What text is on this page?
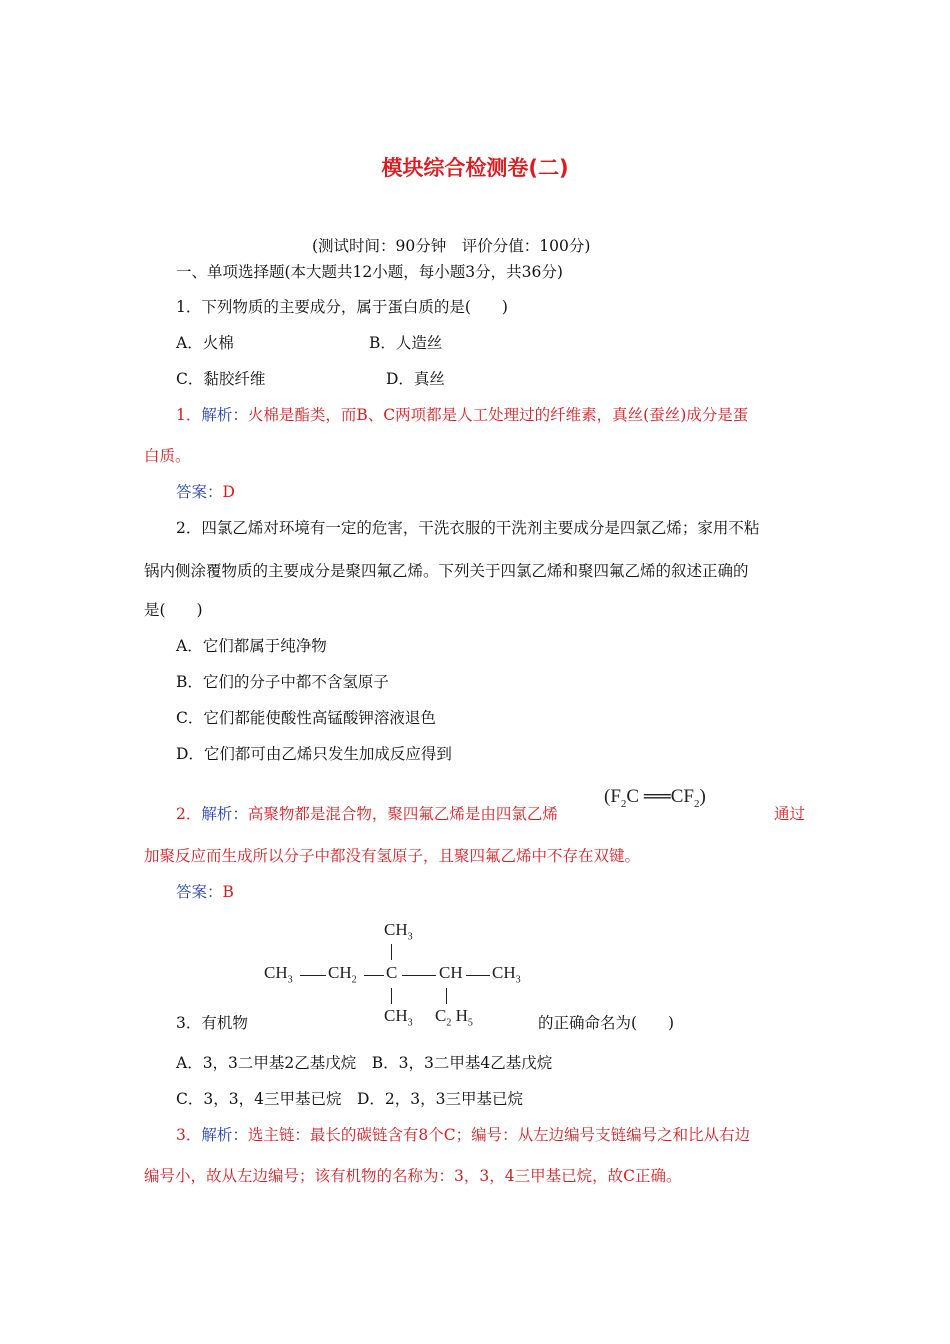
模块综合检测卷(二)
(测试时间：90分钟　评价分值：100分)
一、单项选择题(本大题共12小题，每小题3分，共36分)
1．下列物质的主要成分，属于蛋白质的是(　　)
A．火棉	B．人造丝
C．黏胶纤维	D．真丝
1．解析：火棉是酯类，而B、C两项都是人工处理过的纤维素，真丝(蚕丝)成分是蛋
白质。
答案：D
2．四氯乙烯对环境有一定的危害，干洗衣服的干洗剂主要成分是四氯乙烯；家用不粘
锅内侧涂覆物质的主要成分是聚四氟乙烯。下列关于四氯乙烯和聚四氟乙烯的叙述正确的
是(　　)
A．它们都属于纯净物
B．它们的分子中都不含氢原子
C．它们都能使酸性高锰酸钾溶液退色
D．它们都可由乙烯只发生加成反应得到
2．解析：高聚物都是混合物，聚四氟乙烯是由四氯乙烯
($F_2C$ $══CF_2$)
通过
加聚反应而生成所以分子中都没有氢原子，且聚四氟乙烯中不存在双键。
答案：B
$CH_3$
$CH_3$ $CH_2$ C CH $CH_3$
$CH_3$ $C_2$ $H_5$
3．有机物	的正确命名为(　　)
A．3，3二甲基2乙基戊烷　B．3，3二甲基4乙基戊烷
C．3，3，4三甲基已烷　D．2，3，3三甲基已烷
3．解析：选主链：最长的碳链含有8个C；编号：从左边编号支链编号之和比从右边
编号小，故从左边编号；该有机物的名称为：3，3，4三甲基已烷，故C正确。
